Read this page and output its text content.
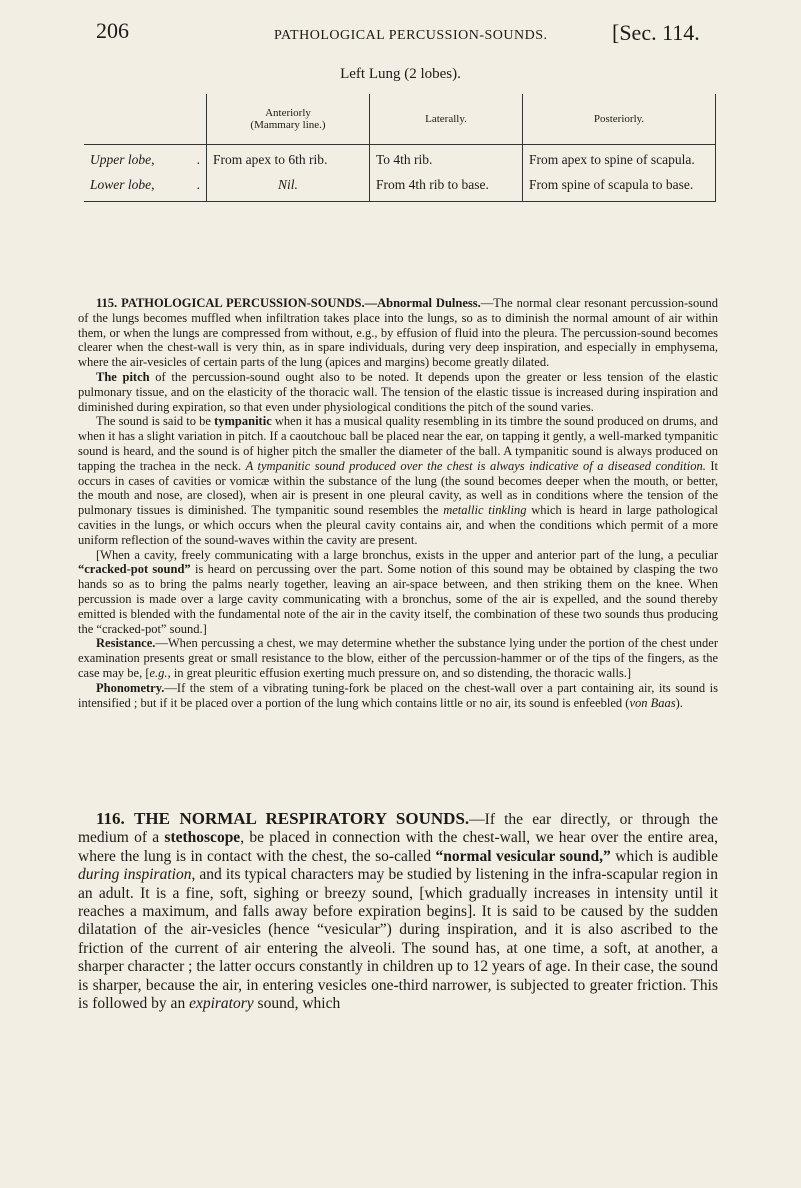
206	PATHOLOGICAL PERCUSSION-SOUNDS.	[Sec. 114.
Left Lung (2 lobes).
	Anteriorly
(Mammary line.)	Laterally.	Posteriorly.
Upper lobe, .	From apex to 6th rib.	To 4th rib.	From apex to spine of scapula.
Lower lobe, .	Nil.	From 4th rib to base.	From spine of scapula to base.

115. PATHOLOGICAL PERCUSSION-SOUNDS.—Abnormal Dulness.—The normal clear resonant percussion-sound of the lungs becomes muffled when infiltration takes place into the lungs, so as to diminish the normal amount of air within them, or when the lungs are compressed from without, e.g., by effusion of fluid into the pleura. The percussion-sound becomes clearer when the chest-wall is very thin, as in spare individuals, during very deep inspiration, and especially in emphysema, where the air-vesicles of certain parts of the lung (apices and margins) become greatly dilated.

The pitch of the percussion-sound ought also to be noted. It depends upon the greater or less tension of the elastic pulmonary tissue, and on the elasticity of the thoracic wall. The tension of the elastic tissue is increased during inspiration and diminished during expiration, so that even under physiological conditions the pitch of the sound varies.

The sound is said to be tympanitic when it has a musical quality resembling in its timbre the sound produced on drums, and when it has a slight variation in pitch. If a caoutchouc ball be placed near the ear, on tapping it gently, a well-marked tympanitic sound is heard, and the sound is of higher pitch the smaller the diameter of the ball. A tympanitic sound is always produced on tapping the trachea in the neck. A tympanitic sound produced over the chest is always indicative of a diseased condition. It occurs in cases of cavities or vomicæ within the substance of the lung (the sound becomes deeper when the mouth, or better, the mouth and nose, are closed), when air is present in one pleural cavity, as well as in conditions where the tension of the pulmonary tissues is diminished. The tympanitic sound resembles the metallic tinkling which is heard in large pathological cavities in the lungs, or which occurs when the pleural cavity contains air, and when the conditions which permit of a more uniform reflection of the sound-waves within the cavity are present.

[When a cavity, freely communicating with a large bronchus, exists in the upper and anterior part of the lung, a peculiar “cracked-pot sound” is heard on percussing over the part. Some notion of this sound may be obtained by clasping the two hands so as to bring the palms nearly together, leaving an air-space between, and then striking them on the knee. When percussion is made over a large cavity communicating with a bronchus, some of the air is expelled, and the sound thereby emitted is blended with the fundamental note of the air in the cavity itself, the combination of these two sounds thus producing the “cracked-pot” sound.]

Resistance.—When percussing a chest, we may determine whether the substance lying under the portion of the chest under examination presents great or small resistance to the blow, either of the percussion-hammer or of the tips of the fingers, as the case may be, [e.g., in great pleuritic effusion exerting much pressure on, and so distending, the thoracic walls.]

Phonometry.—If the stem of a vibrating tuning-fork be placed on the chest-wall over a part containing air, its sound is intensified ; but if it be placed over a portion of the lung which contains little or no air, its sound is enfeebled (von Baas).

116. THE NORMAL RESPIRATORY SOUNDS.—If the ear directly, or through the medium of a stethoscope, be placed in connection with the chest-wall, we hear over the entire area, where the lung is in contact with the chest, the so-called “normal vesicular sound,” which is audible during inspiration, and its typical characters may be studied by listening in the infra-scapular region in an adult. It is a fine, soft, sighing or breezy sound, [which gradually increases in intensity until it reaches a maximum, and falls away before expiration begins]. It is said to be caused by the sudden dilatation of the air-vesicles (hence “vesicular”) during inspiration, and it is also ascribed to the friction of the current of air entering the alveoli. The sound has, at one time, a soft, at another, a sharper character ; the latter occurs constantly in children up to 12 years of age. In their case, the sound is sharper, because the air, in entering vesicles one-third narrower, is subjected to greater friction. This is followed by an expiratory sound, which
